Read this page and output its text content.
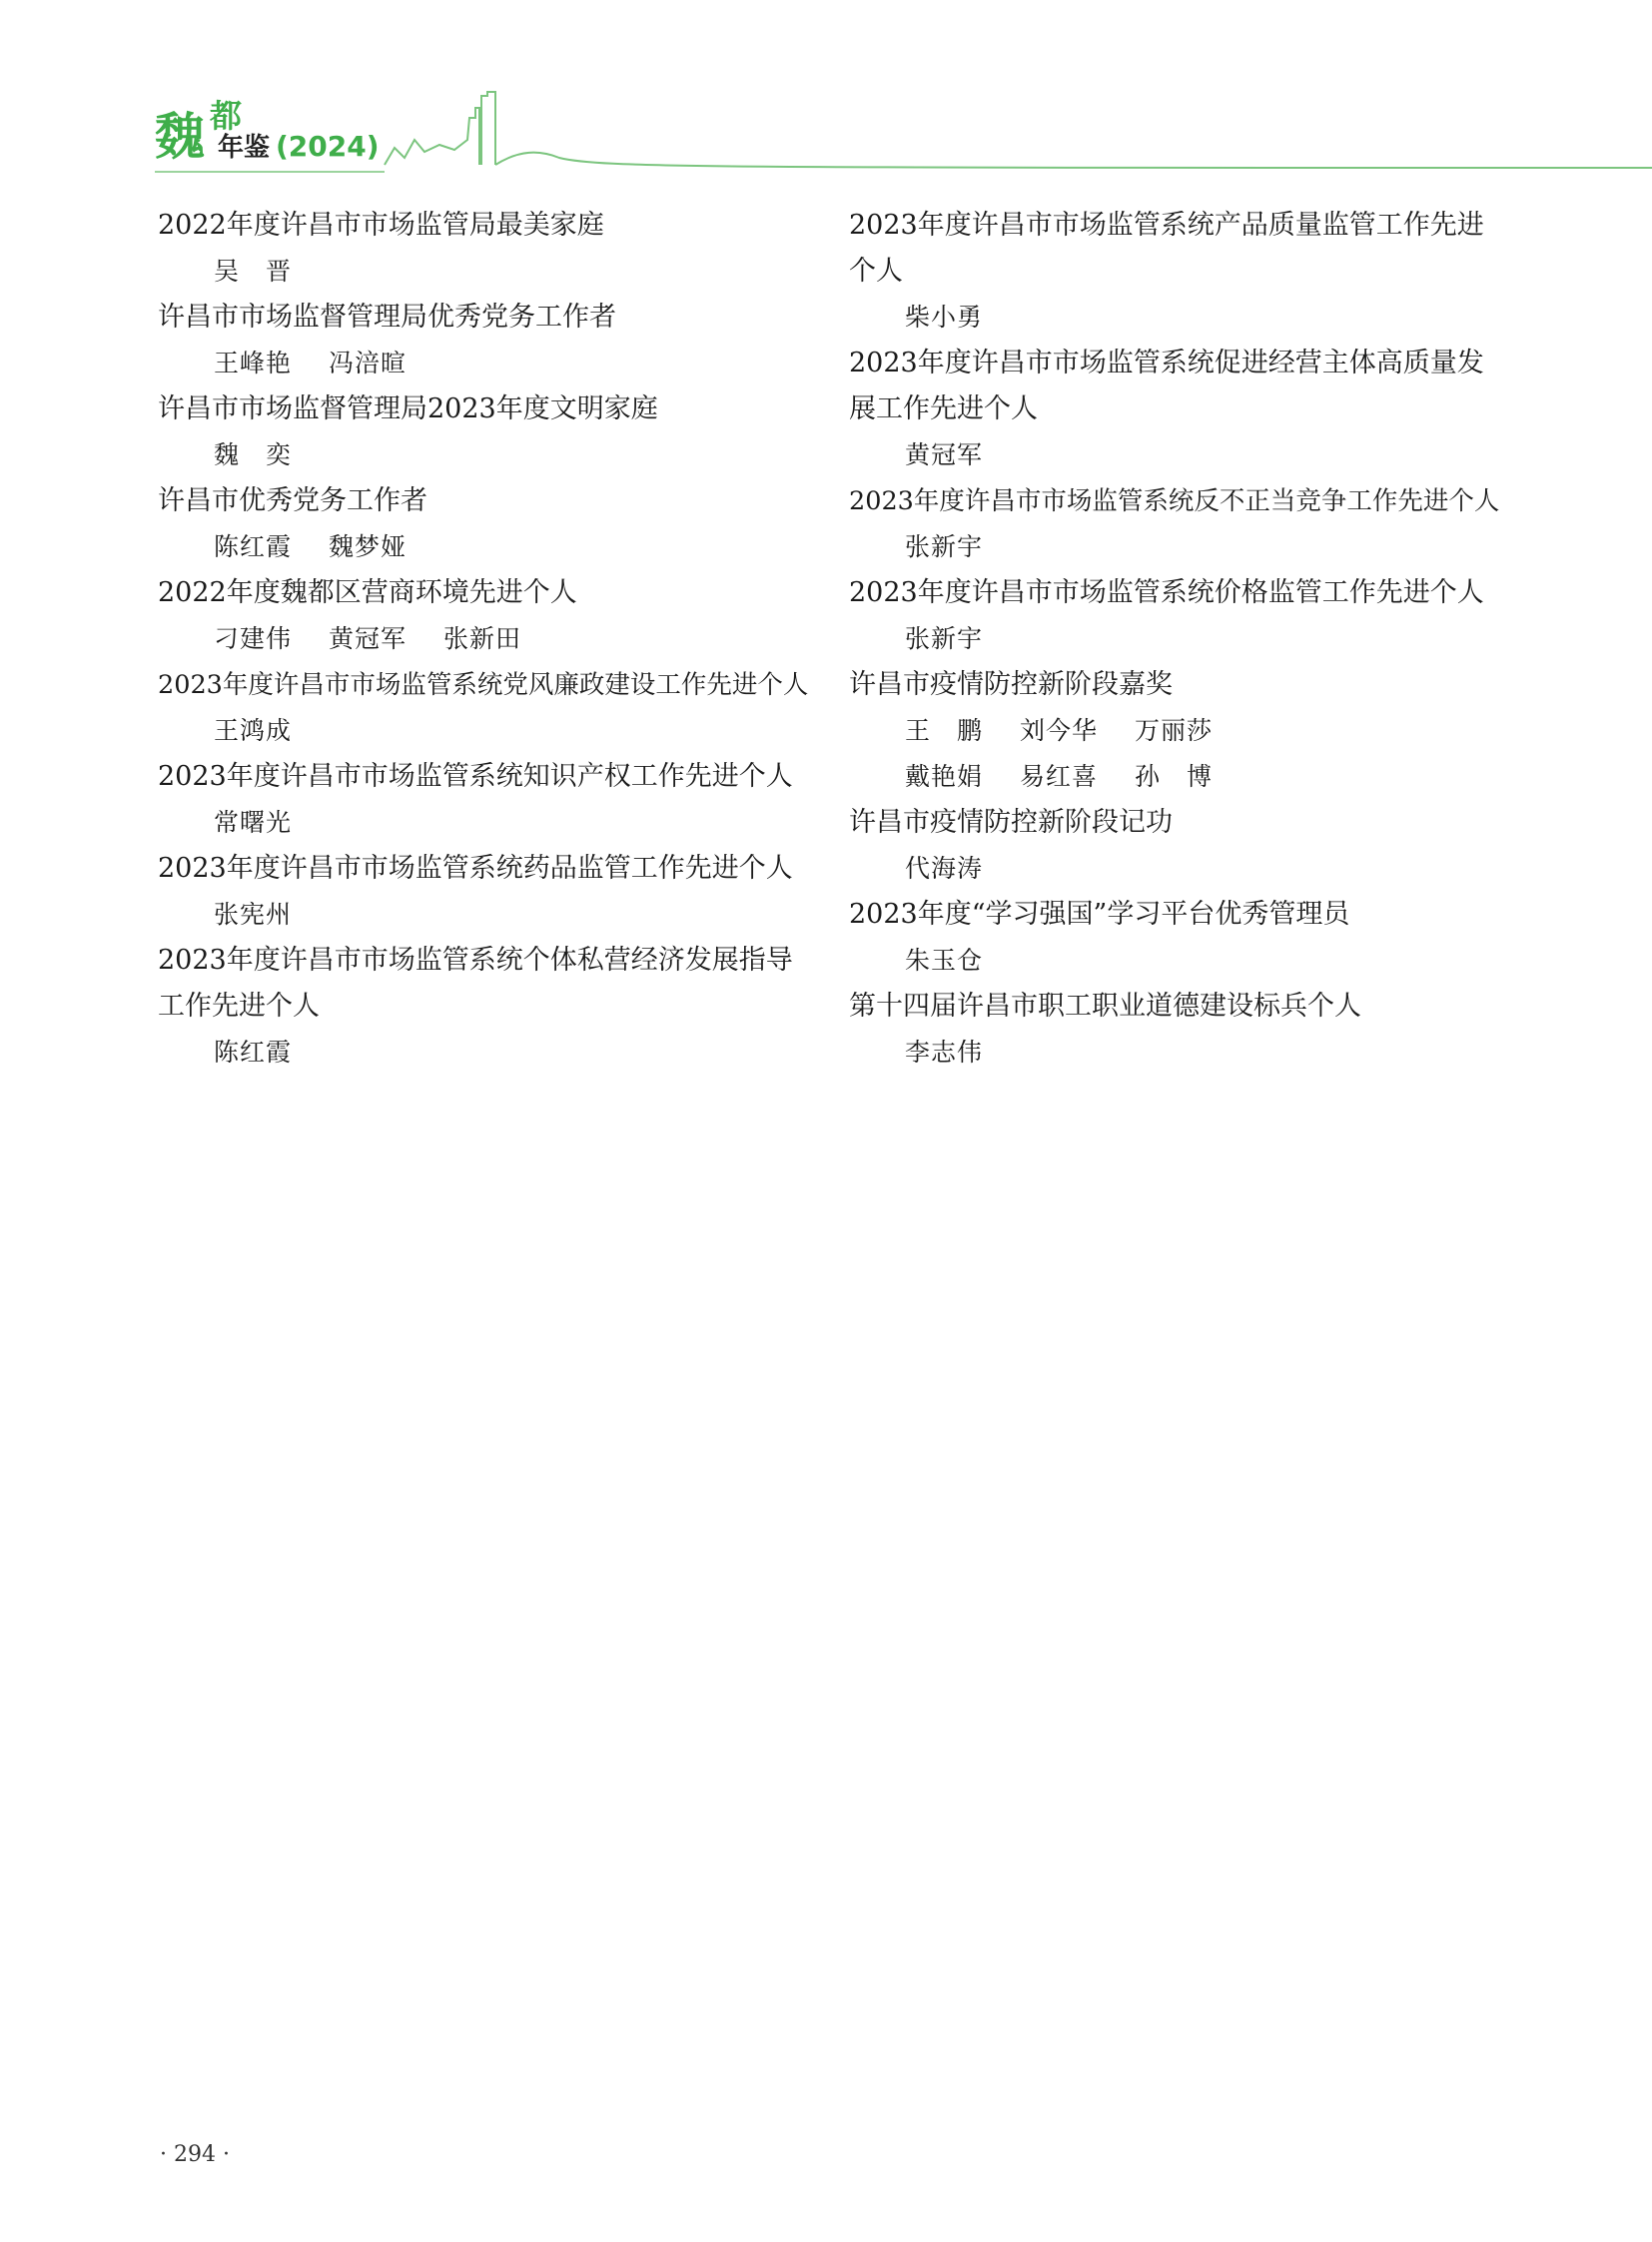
魏 都
年鉴 (2024)
2022年度许昌市市场监管局最美家庭
吴　晋
许昌市市场监督管理局优秀党务工作者
王峰艳 冯涪暄
许昌市市场监督管理局2023年度文明家庭
魏　奕
许昌市优秀党务工作者
陈红霞 魏梦娅
2022年度魏都区营商环境先进个人
刁建伟 黄冠军 张新田
2023年度许昌市市场监管系统党风廉政建设工作先进个人
王鸿成
2023年度许昌市市场监管系统知识产权工作先进个人
常曙光
2023年度许昌市市场监管系统药品监管工作先进个人
张宪州
2023年度许昌市市场监管系统个体私营经济发展指导工作先进个人
陈红霞
2023年度许昌市市场监管系统产品质量监管工作先进个人
柴小勇
2023年度许昌市市场监管系统促进经营主体高质量发展工作先进个人
黄冠军
2023年度许昌市市场监管系统反不正当竞争工作先进个人
张新宇
2023年度许昌市市场监管系统价格监管工作先进个人
张新宇
许昌市疫情防控新阶段嘉奖
王　鹏 刘今华 万丽莎
戴艳娟 易红喜 孙　博
许昌市疫情防控新阶段记功
代海涛
2023年度“学习强国”学习平台优秀管理员
朱玉仓
第十四届许昌市职工职业道德建设标兵个人
李志伟
· 294 ·
